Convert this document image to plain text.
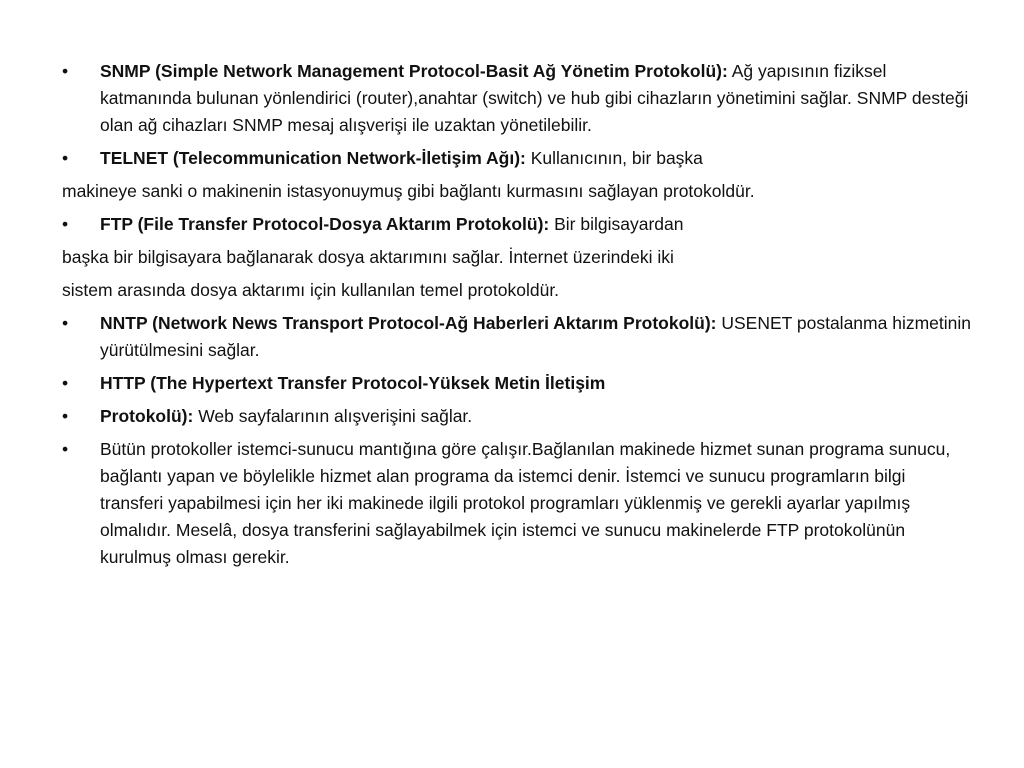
•	SNMP (Simple Network Management Protocol-Basit Ağ Yönetim Protokolü): Ağ yapısının fiziksel katmanında bulunan yönlendirici (router),anahtar (switch) ve hub gibi cihazların yönetimini sağlar. SNMP desteği olan ağ cihazları SNMP mesaj alışverişi ile uzaktan yönetilebilir.
•	TELNET (Telecommunication Network-İletişim Ağı): Kullanıcının, bir başka
makineye sanki o makinenin istasyonuymuş gibi bağlantı kurmasını sağlayan protokoldür.
•	FTP (File Transfer Protocol-Dosya Aktarım Protokolü): Bir bilgisayardan
başka bir bilgisayara bağlanarak dosya aktarımını sağlar. İnternet üzerindeki iki
sistem arasında dosya aktarımı için kullanılan temel protokoldür.
•	NNTP (Network News Transport Protocol-Ağ Haberleri Aktarım Protokolü): USENET postalanma hizmetinin yürütülmesini sağlar.
•	HTTP (The Hypertext Transfer Protocol-Yüksek Metin İletişim
•	Protokolü): Web sayfalarının alışverişini sağlar.
•	Bütün protokoller istemci-sunucu mantığına göre çalışır.Bağlanılan makinede hizmet sunan programa sunucu, bağlantı yapan ve böylelikle hizmet alan programa da istemci denir. İstemci ve sunucu programların bilgi transferi yapabilmesi için her iki makinede ilgili protokol programları yüklenmiş ve gerekli ayarlar yapılmış olmalıdır. Meselâ, dosya transferini sağlayabilmek için istemci ve sunucu makinelerde FTP protokolünün kurulmuş olması gerekir.
